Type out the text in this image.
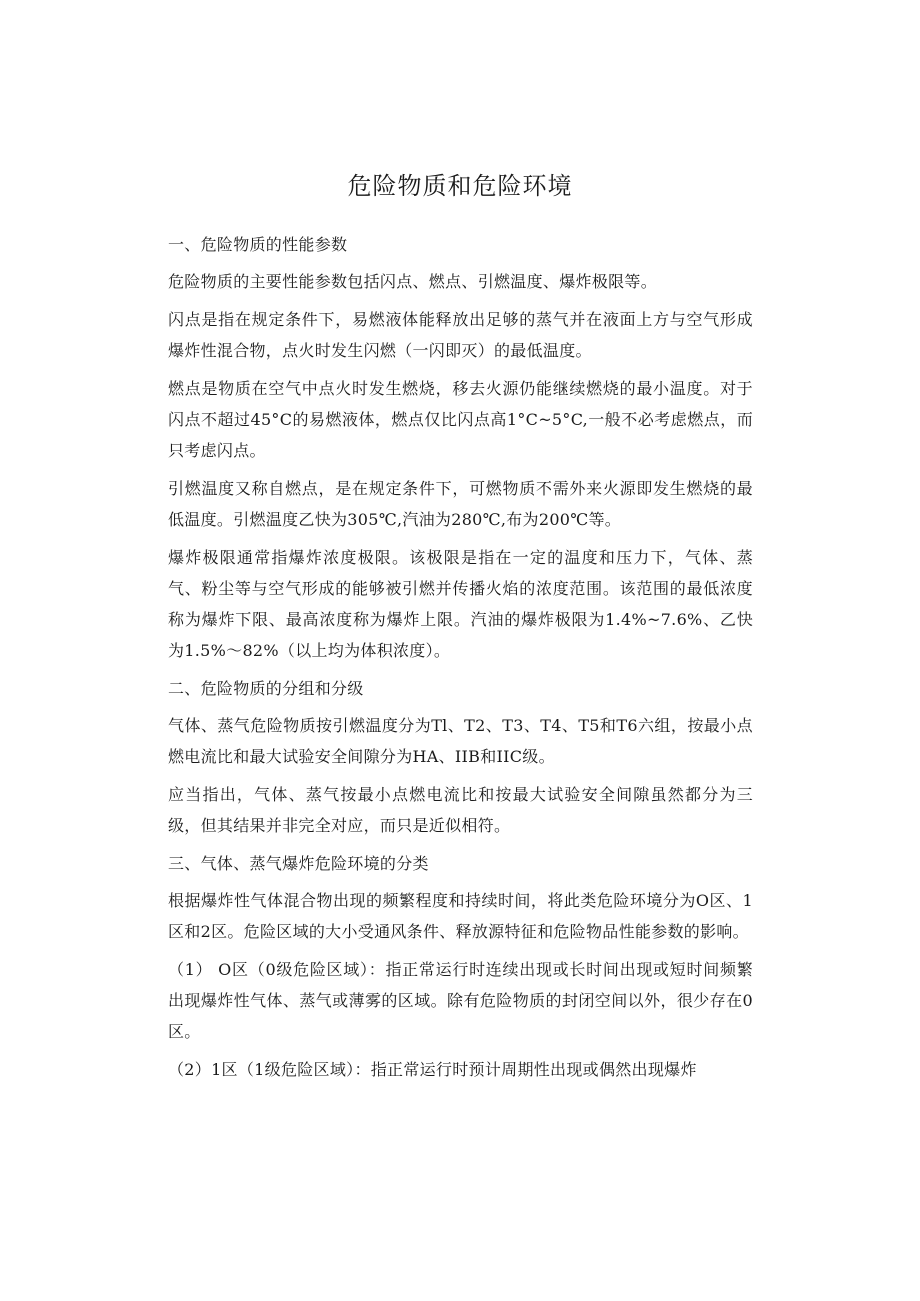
危险物质和危险环境

一、危险物质的性能参数

危险物质的主要性能参数包括闪点、燃点、引燃温度、爆炸极限等。

闪点是指在规定条件下，易燃液体能释放出足够的蒸气并在液面上方与空气形成爆炸性混合物，点火时发生闪燃（一闪即灭）的最低温度。

燃点是物质在空气中点火时发生燃烧，移去火源仍能继续燃烧的最小温度。对于闪点不超过45°C的易燃液体，燃点仅比闪点高1°C~5°C,一般不必考虑燃点，而只考虑闪点。

引燃温度又称自燃点，是在规定条件下，可燃物质不需外来火源即发生燃烧的最低温度。引燃温度乙快为305℃,汽油为280℃,布为200℃等。

爆炸极限通常指爆炸浓度极限。该极限是指在一定的温度和压力下，气体、蒸气、粉尘等与空气形成的能够被引燃并传播火焰的浓度范围。该范围的最低浓度称为爆炸下限、最高浓度称为爆炸上限。汽油的爆炸极限为1.4%~7.6%、乙快为1.5%～82%（以上均为体积浓度）。

二、危险物质的分组和分级

气体、蒸气危险物质按引燃温度分为Tl、T2、T3、T4、T5和T6六组，按最小点燃电流比和最大试验安全间隙分为HA、IIB和IIC级。

应当指出，气体、蒸气按最小点燃电流比和按最大试验安全间隙虽然都分为三级，但其结果并非完全对应，而只是近似相符。

三、气体、蒸气爆炸危险环境的分类

根据爆炸性气体混合物出现的频繁程度和持续时间，将此类危险环境分为O区、1区和2区。危险区域的大小受通风条件、释放源特征和危险物品性能参数的影响。

（1） O区（0级危险区域）：指正常运行时连续出现或长时间出现或短时间频繁出现爆炸性气体、蒸气或薄雾的区域。除有危险物质的封闭空间以外，很少存在0区。

（2）1区（1级危险区域）：指正常运行时预计周期性出现或偶然出现爆炸
